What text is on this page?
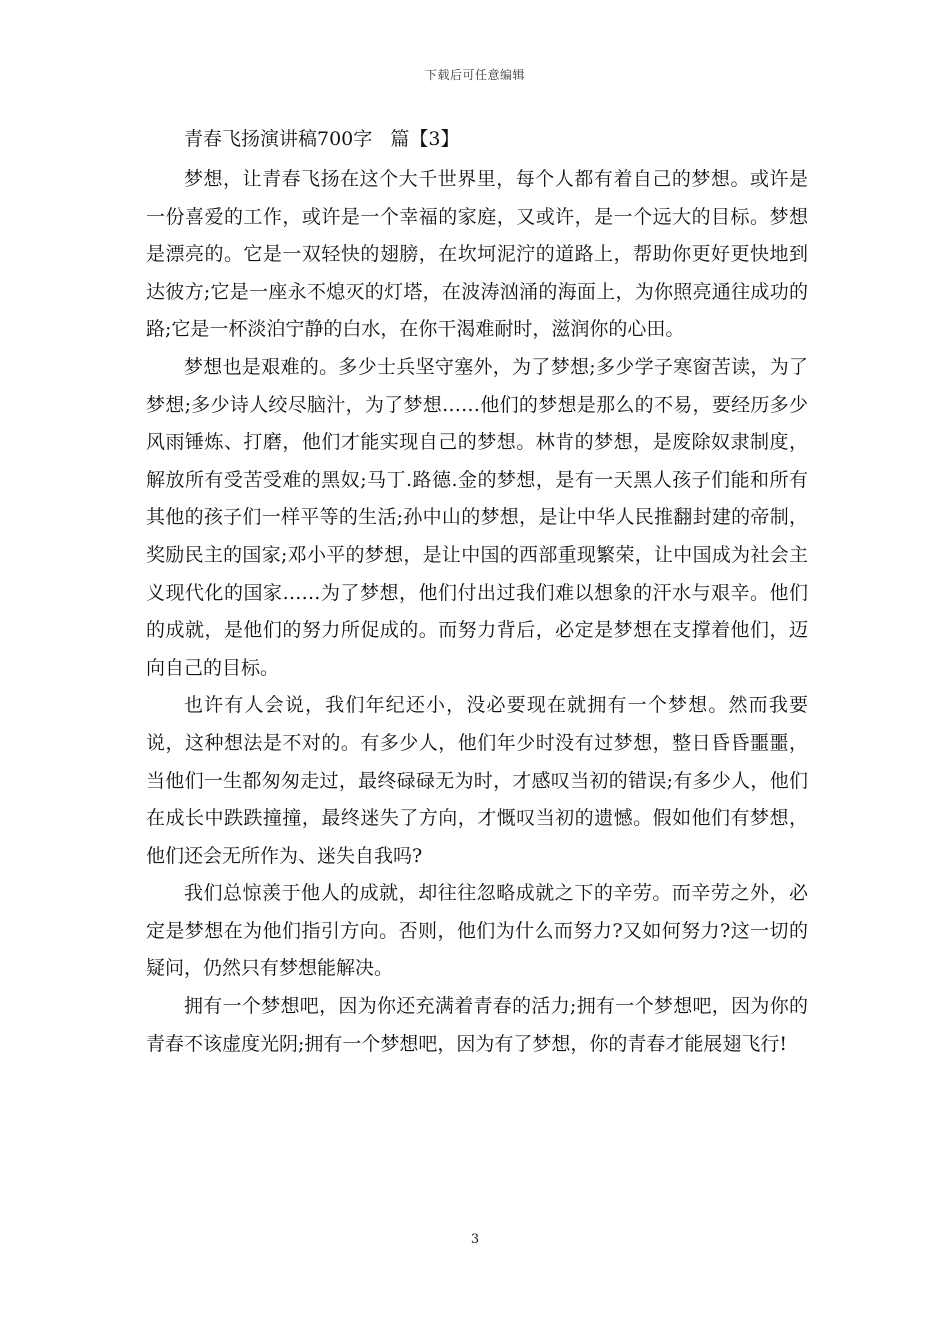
下载后可任意编辑
青春飞扬演讲稿700字   篇【3】

梦想，让青春飞扬在这个大千世界里，每个人都有着自己的梦想。或许是一份喜爱的工作，或许是一个幸福的家庭，又或许，是一个远大的目标。梦想是漂亮的。它是一双轻快的翅膀，在坎坷泥泞的道路上，帮助你更好更快地到达彼方;它是一座永不熄灭的灯塔，在波涛汹涌的海面上，为你照亮通往成功的路;它是一杯淡泊宁静的白水，在你干渴难耐时，滋润你的心田。

梦想也是艰难的。多少士兵坚守塞外，为了梦想;多少学子寒窗苦读，为了梦想;多少诗人绞尽脑汁，为了梦想……他们的梦想是那么的不易，要经历多少风雨锤炼、打磨，他们才能实现自己的梦想。林肯的梦想，是废除奴隶制度，解放所有受苦受难的黑奴;马丁.路德.金的梦想，是有一天黑人孩子们能和所有其他的孩子们一样平等的生活;孙中山的梦想，是让中华人民推翻封建的帝制，奖励民主的国家;邓小平的梦想，是让中国的西部重现繁荣，让中国成为社会主义现代化的国家……为了梦想，他们付出过我们难以想象的汗水与艰辛。他们的成就，是他们的努力所促成的。而努力背后，必定是梦想在支撑着他们，迈向自己的目标。

也许有人会说，我们年纪还小，没必要现在就拥有一个梦想。然而我要说，这种想法是不对的。有多少人，他们年少时没有过梦想，整日昏昏噩噩，当他们一生都匆匆走过，最终碌碌无为时，才感叹当初的错误;有多少人，他们在成长中跌跌撞撞，最终迷失了方向，才慨叹当初的遗憾。假如他们有梦想，他们还会无所作为、迷失自我吗?

我们总惊羡于他人的成就，却往往忽略成就之下的辛劳。而辛劳之外，必定是梦想在为他们指引方向。否则，他们为什么而努力?又如何努力?这一切的疑问，仍然只有梦想能解决。

拥有一个梦想吧，因为你还充满着青春的活力;拥有一个梦想吧，因为你的青春不该虚度光阴;拥有一个梦想吧，因为有了梦想，你的青春才能展翅飞行!

3
